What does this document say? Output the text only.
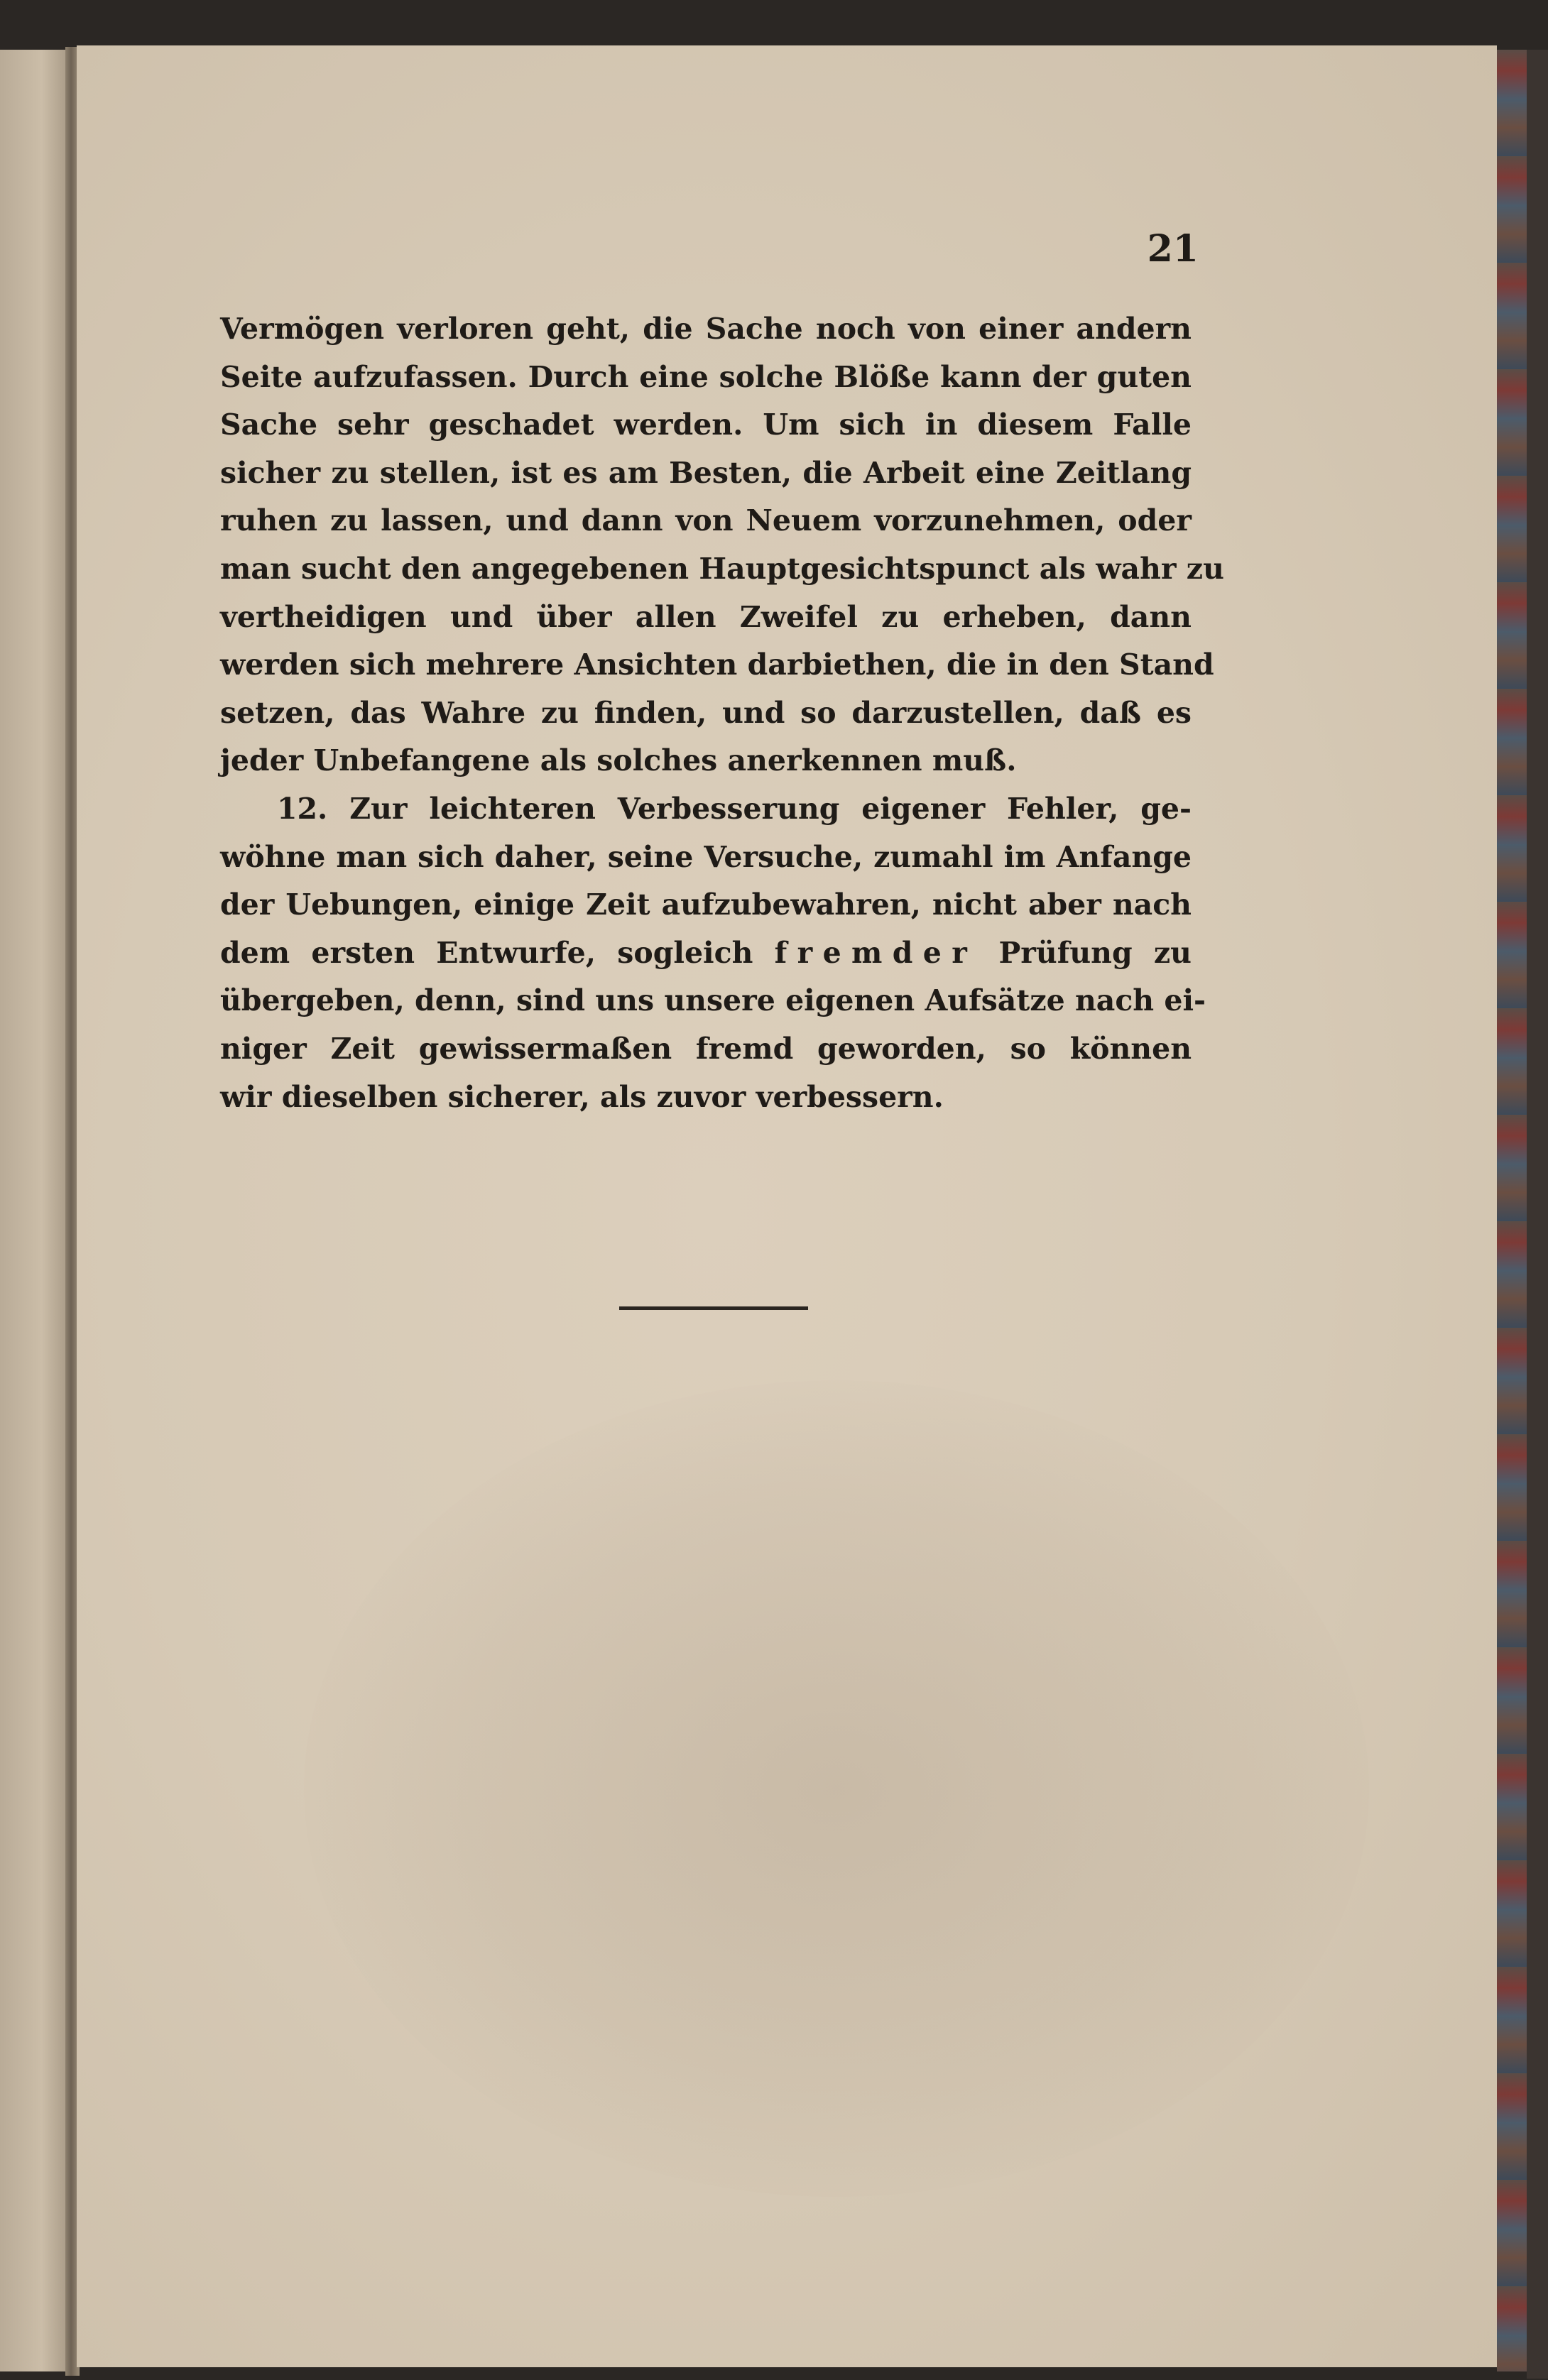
21

Vermögen verloren geht, die Sache noch von einer andern
Seite aufzufassen. Durch eine solche Blöße kann der guten
Sache sehr geschadet werden. Um sich in diesem Falle
sicher zu stellen, ist es am Besten, die Arbeit eine Zeitlang
ruhen zu lassen, und dann von Neuem vorzunehmen, oder
man sucht den angegebenen Hauptgesichtspunct als wahr zu
vertheidigen und über allen Zweifel zu erheben, dann
werden sich mehrere Ansichten darbiethen, die in den Stand
setzen, das Wahre zu finden, und so darzustellen, daß es
jeder Unbefangene als solches anerkennen muß.
12. Zur leichteren Verbesserung eigener Fehler, ge-
wöhne man sich daher, seine Versuche, zumahl im Anfange
der Uebungen, einige Zeit aufzubewahren, nicht aber nach
dem ersten Entwurfe, sogleich fremder Prüfung zu
übergeben, denn, sind uns unsere eigenen Aufsätze nach ei-
niger Zeit gewissermaßen fremd geworden, so können
wir dieselben sicherer, als zuvor verbessern.
